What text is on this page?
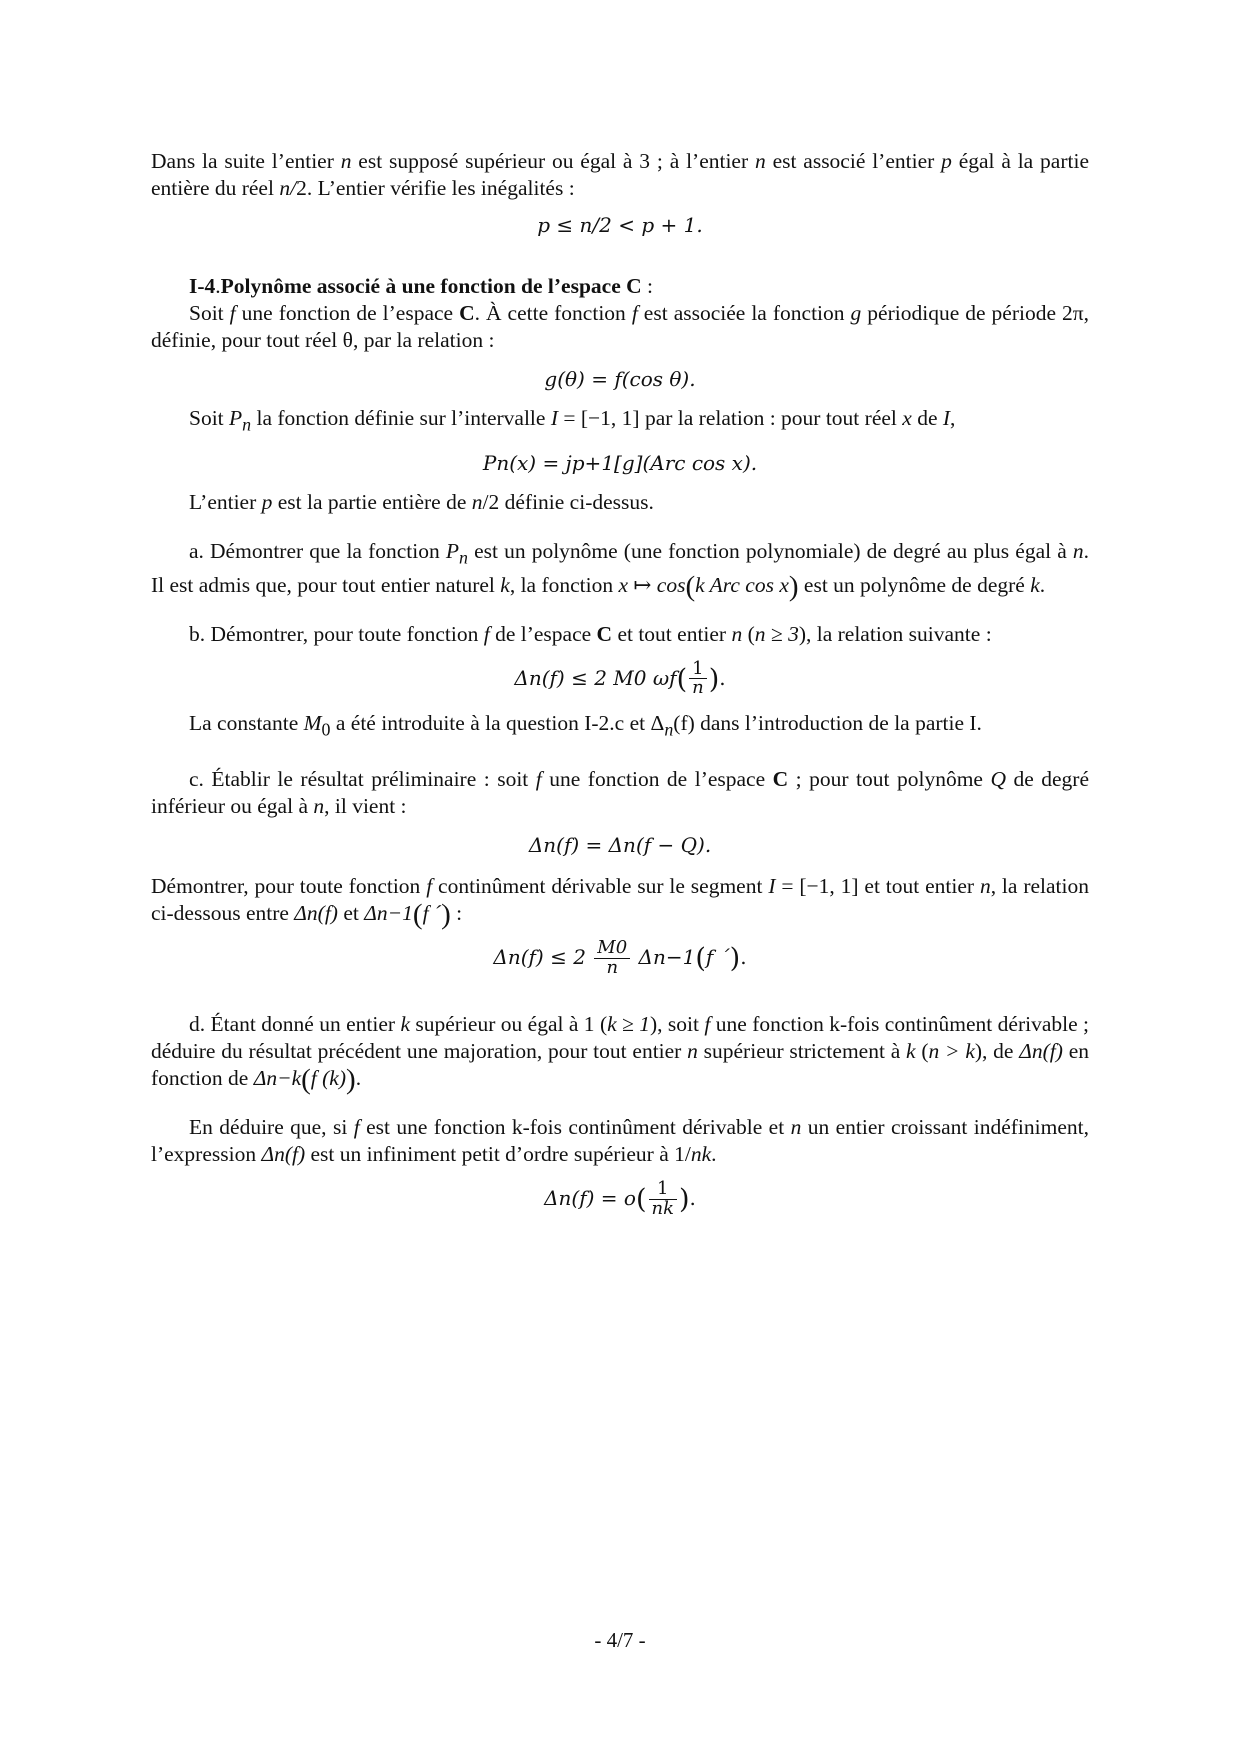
Dans la suite l’entier n est supposé supérieur ou égal à 3 ; à l’entier n est associé l’entier p égal à la partie entière du réel n/2. L’entier vérifie les inégalités :

p ≤ n/2 < p + 1.

I-4.Polynôme associé à une fonction de l’espace C :

Soit f une fonction de l’espace C. À cette fonction f est associée la fonction g périodique de période 2π, définie, pour tout réel θ, par la relation :

g(θ) = f(cos θ).

Soit $P_n$ la fonction définie sur l’intervalle I = [−1, 1] par la relation : pour tout réel x de I,

Pn(x) = jp+1[g](Arc cos x).

L’entier p est la partie entière de n/2 définie ci-dessus.

a. Démontrer que la fonction $P_n$ est un polynôme (une fonction polynomiale) de degré au plus égal à n. Il est admis que, pour tout entier naturel k, la fonction x ↦ cos(k Arc cos x) est un polynôme de degré k.

b. Démontrer, pour toute fonction f de l’espace C et tout entier n (n ≥ 3), la relation suivante :

Δn(f) ≤ 2 M0 $\omega f( \frac{1}{n}$ ).

La constante $M_0$ a été introduite à la question I-2.c et $\Delta_n(f)$ dans l’introduction de la partie I.

c. Établir le résultat préliminaire : soit f une fonction de l’espace C ; pour tout polynôme Q de degré inférieur ou égal à n, il vient :

Δn(f) = Δn(f − Q).

Démontrer, pour toute fonction f continûment dérivable sur le segment I = [−1, 1] et tout entier n, la relation ci-dessous entre Δn(f) et Δn−1(f ´) :

$\Delta n(f) \le 2 \frac{M0}{n} \Delta n-1(f$ ´).

d. Étant donné un entier k supérieur ou égal à 1 (k ≥ 1), soit f une fonction k-fois continûment dérivable ; déduire du résultat précédent une majoration, pour tout entier n supérieur strictement à k (n > k), de Δn(f) en fonction de Δn−k(f (k)).

En déduire que, si f est une fonction k-fois continûment dérivable et n un entier croissant indéfiniment, l’expression Δn(f) est un infiniment petit d’ordre supérieur à 1/nk.

$\Delta n(f) = o( \frac{1}{nk}$ ).

- 4/7 -
